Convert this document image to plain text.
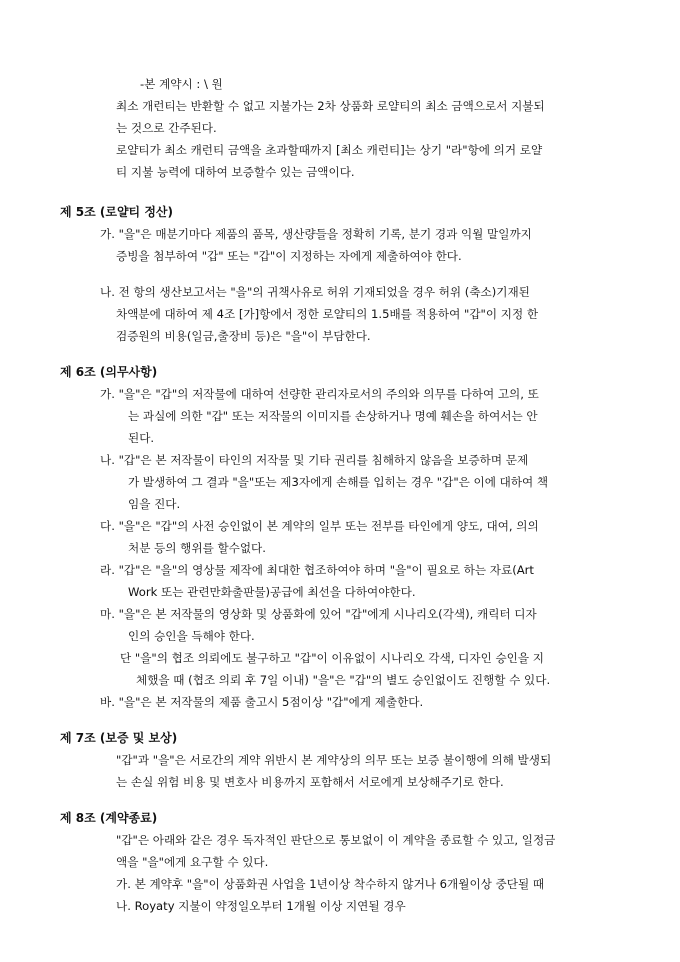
-본 계약시 : \ 원
최소 개런티는 반환할 수 없고 지불가는 2차 상품화 로얄티의 최소 금액으로서 지불되
는 것으로 간주된다.
로얄티가 최소 캐런티 금액을 초과할때까지 [최소 캐런티]는 상기 "라"항에 의거 로얄
티 지불 능력에 대하여 보증할수 있는 금액이다.
제 5조 (로얄티 정산)
가. "을"은 매분기마다 제품의 품목, 생산량들을 정확히 기록, 분기 경과 익월 말일까지
증빙을 첨부하여 "갑" 또는 "갑"이 지정하는 자에게 제출하여야 한다.
나. 전 항의 생산보고서는 "을"의 귀책사유로 허위 기재되었을 경우 허위 (축소)기재된
차액분에 대하여 제 4조 [가]항에서 정한 로얄티의 1.5배를 적용하여 "갑"이 지정 한
검증원의 비용(일금,출장비 등)은 "을"이 부담한다.
제 6조 (의무사항)
가. "을"은 "갑"의 저작물에 대하여 선량한 관리자로서의 주의와 의무를 다하여 고의, 또
는 과실에 의한 "갑" 또는 저작물의 이미지를 손상하거나 명예 훼손을 하여서는 안
된다.
나. "갑"은 본 저작물이 타인의 저작물 및 기타 권리를 침해하지 않음을 보증하며 문제
가 발생하여 그 결과 "을"또는 제3자에게 손해를 입히는 경우 "갑"은 이에 대하여 책
임을 진다.
다. "을"은 "갑"의 사전 승인없이 본 계약의 일부 또는 전부를 타인에게 양도, 대여, 의의
처분 등의 행위를 할수없다.
라. "갑"은 "을"의 영상물 제작에 최대한 협조하여야 하며 "을"이 필요로 하는 자료(Art
Work 또는 관련만화출판물)공급에 최선을 다하여야한다.
마. "을"은 본 저작물의 영상화 및 상품화에 있어 "갑"에게 시나리오(각색), 캐릭터 디자
인의 승인을 득해야 한다.
단 "을"의 협조 의뢰에도 불구하고 "갑"이 이유없이 시나리오 각색, 디자인 승인을 지
체했을 때 (협조 의뢰 후 7일 이내) "을"은 "갑"의 별도 승인없이도 진행할 수 있다.
바. "을"은 본 저작물의 제품 출고시 5점이상 "갑"에게 제출한다.
제 7조 (보증 및 보상)
"갑"과 "을"은 서로간의 계약 위반시 본 계약상의 의무 또는 보증 불이행에 의해 발생되
는 손실 위험 비용 및 변호사 비용까지 포함해서 서로에게 보상해주기로 한다.
제 8조 (계약종료)
"갑"은 아래와 같은 경우 독자적인 판단으로 통보없이 이 계약을 종료할 수 있고, 일정금
액을 "을"에게 요구할 수 있다.
가. 본 계약후 "을"이 상품화권 사업을 1년이상 착수하지 않거나 6개월이상 중단될 때
나. Royaty 지불이 약정일오부터 1개월 이상 지연될 경우
